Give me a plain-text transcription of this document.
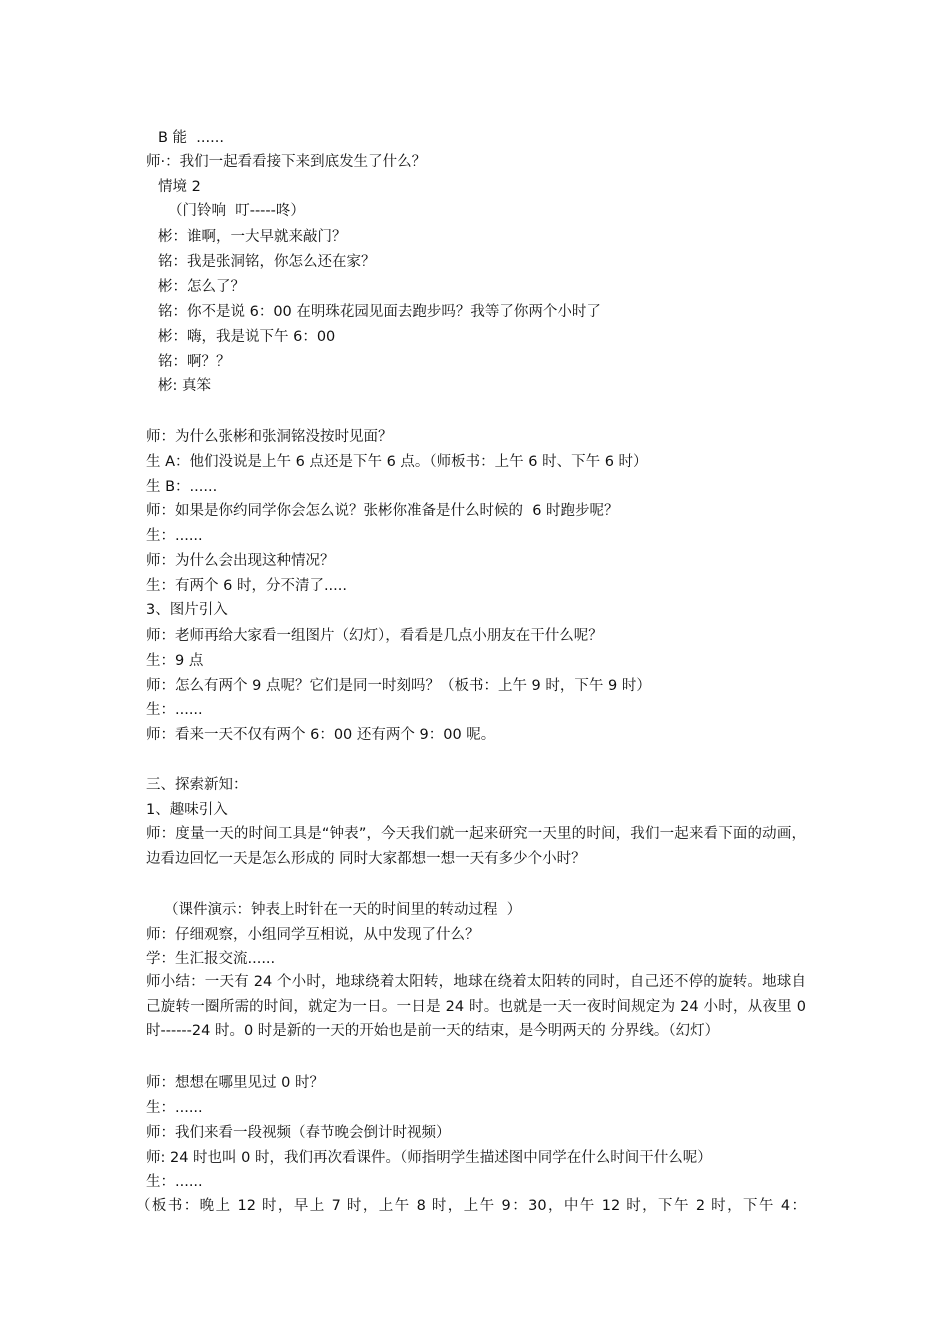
B 能  ......
师·：我们一起看看接下来到底发生了什么？
情境 2
（门铃响  叮-----咚）
彬：谁啊，一大早就来敲门？
铭：我是张洞铭，你怎么还在家？
彬：怎么了？
铭：你不是说 6：00 在明珠花园见面去跑步吗？我等了你两个小时了
彬：嗨，我是说下午 6：00
铭：啊？？
彬: 真笨
师：为什么张彬和张洞铭没按时见面？
生 A：他们没说是上午 6 点还是下午 6 点。（师板书：上午 6 时、下午 6 时）
生 B：......
师：如果是你约同学你会怎么说？张彬你准备是什么时候的  6 时跑步呢？
生：......
师：为什么会出现这种情况？
生：有两个 6 时，分不清了.....
3、图片引入
师：老师再给大家看一组图片（幻灯），看看是几点小朋友在干什么呢？
生：9 点
师：怎么有两个 9 点呢？它们是同一时刻吗？（板书：上午 9 时，下午 9 时）
生：......
师：看来一天不仅有两个 6：00 还有两个 9：00 呢。
三、探索新知：
1、趣味引入
师：度量一天的时间工具是“钟表”，今天我们就一起来研究一天里的时间，我们一起来看下面的动画，边看边回忆一天是怎么形成的 同时大家都想一想一天有多少个小时？
（课件演示：钟表上时针在一天的时间里的转动过程  ）
师：仔细观察，小组同学互相说，从中发现了什么？
学：生汇报交流......
师小结：一天有 24 个小时，地球绕着太阳转，地球在绕着太阳转的同时，自己还不停的旋转。地球自己旋转一圈所需的时间，就定为一日。一日是 24 时。也就是一天一夜时间规定为 24 小时，从夜里 0 时------24 时。0 时是新的一天的开始也是前一天的结束，是今明两天的 分界线。（幻灯）
师：想想在哪里见过 0 时？
生：......
师：我们来看一段视频（春节晚会倒计时视频）
师: 24 时也叫 0 时，我们再次看课件。（师指明学生描述图中同学在什么时间干什么呢）
生：......
（板书：晚上 12 时，早上 7 时，上午 8 时，上午 9：30，中午 12 时，下午 2 时，下午 4：
